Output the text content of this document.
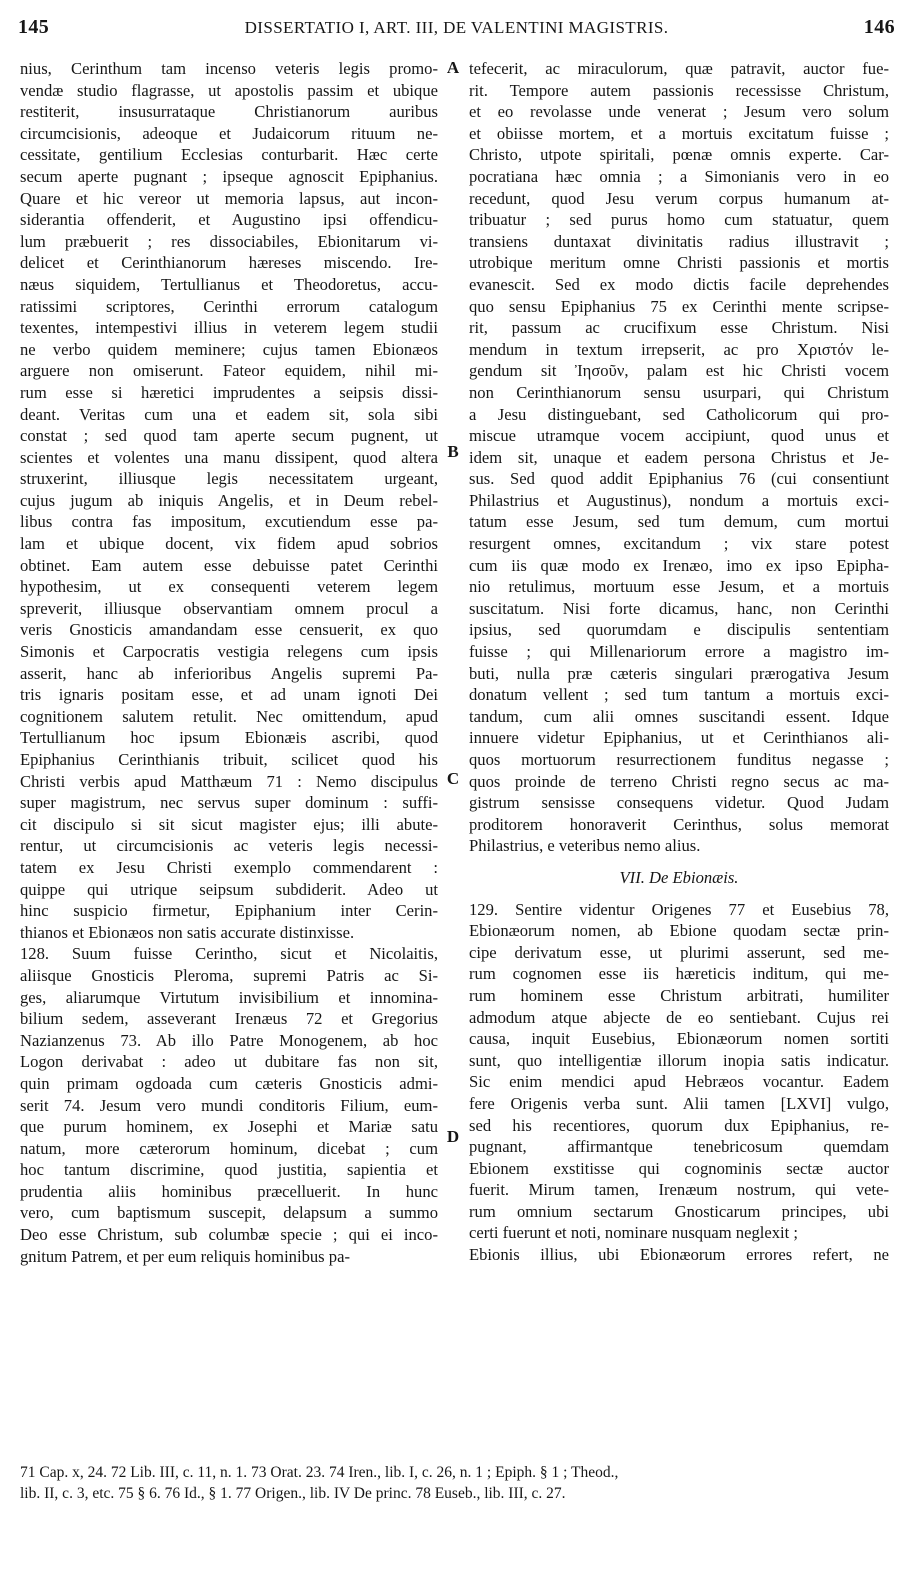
145	DISSERTATIO I, ART. III, DE VALENTINI MAGISTRIS.	146
nius, Cerinthum tam incenso veteris legis promo-
vendæ studio flagrasse, ut apostolis passim et ubique
restiterit, insusurrataque Christianorum auribus
circumcisionis, adeoque et Judaicorum rituum ne-
cessitate, gentilium Ecclesias conturbarit. Hæc certe
secum aperte pugnant ; ipseque agnoscit Epiphanius.
Quare et hic vereor ut memoria lapsus, aut incon-
siderantia offenderit, et Augustino ipsi offendicu-
lum præbuerit ; res dissociabiles, Ebionitarum vi-
delicet et Cerinthianorum hæreses miscendo. Ire-
næus siquidem, Tertullianus et Theodoretus, accu-
ratissimi scriptores, Cerinthi errorum catalogum
texentes, intempestivi illius in veterem legem studii
ne verbo quidem meminere; cujus tamen Ebionæos
arguere non omiserunt. Fateor equidem, nihil mi-
rum esse si hæretici imprudentes a seipsis dissi-
deant. Veritas cum una et eadem sit, sola sibi
constat ; sed quod tam aperte secum pugnent, ut
scientes et volentes una manu dissipent, quod altera
struxerint, illiusque legis necessitatem urgeant,
cujus jugum ab iniquis Angelis, et in Deum rebel-
libus contra fas impositum, excutiendum esse pa-
lam et ubique docent, vix fidem apud sobrios
obtinet. Eam autem esse debuisse patet Cerinthi
hypothesim, ut ex consequenti veterem legem
spreverit, illiusque observantiam omnem procul a
veris Gnosticis amandandam esse censuerit, ex quo
Simonis et Carpocratis vestigia relegens cum ipsis
asserit, hanc ab inferioribus Angelis supremi Pa-
tris ignaris positam esse, et ad unam ignoti Dei
cognitionem salutem retulit. Nec omittendum, apud
Tertullianum hoc ipsum Ebionæis ascribi, quod
Epiphanius Cerinthianis tribuit, scilicet quod his
Christi verbis apud Matthæum 71 : Nemo discipulus
super magistrum, nec servus super dominum : suffi-
cit discipulo si sit sicut magister ejus; illi abute-
rentur, ut circumcisionis ac veteris legis necessi-
tatem ex Jesu Christi exemplo commendarent :
quippe qui utrique seipsum subdiderit. Adeo ut
hinc suspicio firmetur, Epiphanium inter Cerin-
thianos et Ebionæos non satis accurate distinxisse.
128. Suum fuisse Cerintho, sicut et Nicolaitis,
aliisque Gnosticis Pleroma, supremi Patris ac Si-
ges, aliarumque Virtutum invisibilium et innomina-
bilium sedem, asseverant Irenæus 72 et Gregorius
Nazianzenus 73. Ab illo Patre Monogenem, ab hoc
Logon derivabat : adeo ut dubitare fas non sit,
quin primam ogdoada cum cæteris Gnosticis admi-
serit 74. Jesum vero mundi conditoris Filium, eum-
que purum hominem, ex Josephi et Mariæ satu
natum, more cæterorum hominum, dicebat ; cum
hoc tantum discrimine, quod justitia, sapientia et
prudentia aliis hominibus præcelluerit. In hunc
vero, cum baptismum suscepit, delapsum a summo
Deo esse Christum, sub columbæ specie ; qui ei inco-
gnitum Patrem, et per eum reliquis hominibus pa-
tefecerit, ac miraculorum, quæ patravit, auctor fue-
rit. Tempore autem passionis recessisse Christum,
et eo revolasse unde venerat ; Jesum vero solum
et obiisse mortem, et a mortuis excitatum fuisse ;
Christo, utpote spiritali, pœnæ omnis experte. Car-
pocratiana hæc omnia ; a Simonianis vero in eo
recedunt, quod Jesu verum corpus humanum at-
tribuatur ; sed purus homo cum statuatur, quem
transiens duntaxat divinitatis radius illustravit ;
utrobique meritum omne Christi passionis et mortis
evanescit. Sed ex modo dictis facile deprehendes
quo sensu Epiphanius 75 ex Cerinthi mente scripse-
rit, passum ac crucifixum esse Christum. Nisi
mendum in textum irrepserit, ac pro Χριστόν le-
gendum sit Ἰησοῦν, palam est hic Christi vocem
non Cerinthianorum sensu usurpari, qui Christum
a Jesu distinguebant, sed Catholicorum qui pro-
miscue utramque vocem accipiunt, quod unus et
idem sit, unaque et eadem persona Christus et Je-
sus. Sed quod addit Epiphanius 76 (cui consentiunt
Philastrius et Augustinus), nondum a mortuis exci-
tatum esse Jesum, sed tum demum, cum mortui
resurgent omnes, excitandum ; vix stare potest
cum iis quæ modo ex Irenæo, imo ex ipso Epipha-
nio retulimus, mortuum esse Jesum, et a mortuis
suscitatum. Nisi forte dicamus, hanc, non Cerinthi
ipsius, sed quorumdam e discipulis sententiam
fuisse ; qui Millenariorum errore a magistro im-
buti, nulla præ cæteris singulari prærogativa Jesum
donatum vellent ; sed tum tantum a mortuis exci-
tandum, cum alii omnes suscitandi essent. Idque
innuere videtur Epiphanius, ut et Cerinthianos ali-
quos mortuorum resurrectionem funditus negasse ;
quos proinde de terreno Christi regno secus ac ma-
gistrum sensisse consequens videtur. Quod Judam
proditorem honoraverit Cerinthus, solus memorat
Philastrius, e veteribus nemo alius.
VII. De Ebionæis.
129. Sentire videntur Origenes 77 et Eusebius 78,
Ebionæorum nomen, ab Ebione quodam sectæ prin-
cipe derivatum esse, ut plurimi asserunt, sed me-
rum cognomen esse iis hæreticis inditum, qui me-
rum hominem esse Christum arbitrati, humiliter
admodum atque abjecte de eo sentiebant. Cujus rei
causa, inquit Eusebius, Ebionæorum nomen sortiti
sunt, quo intelligentiæ illorum inopia satis indicatur.
Sic enim mendici apud Hebræos vocantur. Eadem
fere Origenis verba sunt. Alii tamen [LXVI] vulgo,
sed his recentiores, quorum dux Epiphanius, re-
pugnant, affirmantque tenebricosum quemdam
Ebionem exstitisse qui cognominis sectæ auctor
fuerit. Mirum tamen, Irenæum nostrum, qui vete-
rum omnium sectarum Gnosticarum principes, ubi
certi fuerunt et noti, nominare nusquam neglexit ;
Ebionis illius, ubi Ebionæorum errores refert, ne
A
B
C
D
71 Cap. x, 24. 72 Lib. III, c. 11, n. 1. 73 Orat. 23. 74 Iren., lib. I, c. 26, n. 1 ; Epiph. § 1 ; Theod.,
lib. II, c. 3, etc. 75 § 6. 76 Id., § 1. 77 Origen., lib. IV De princ. 78 Euseb., lib. III, c. 27.
